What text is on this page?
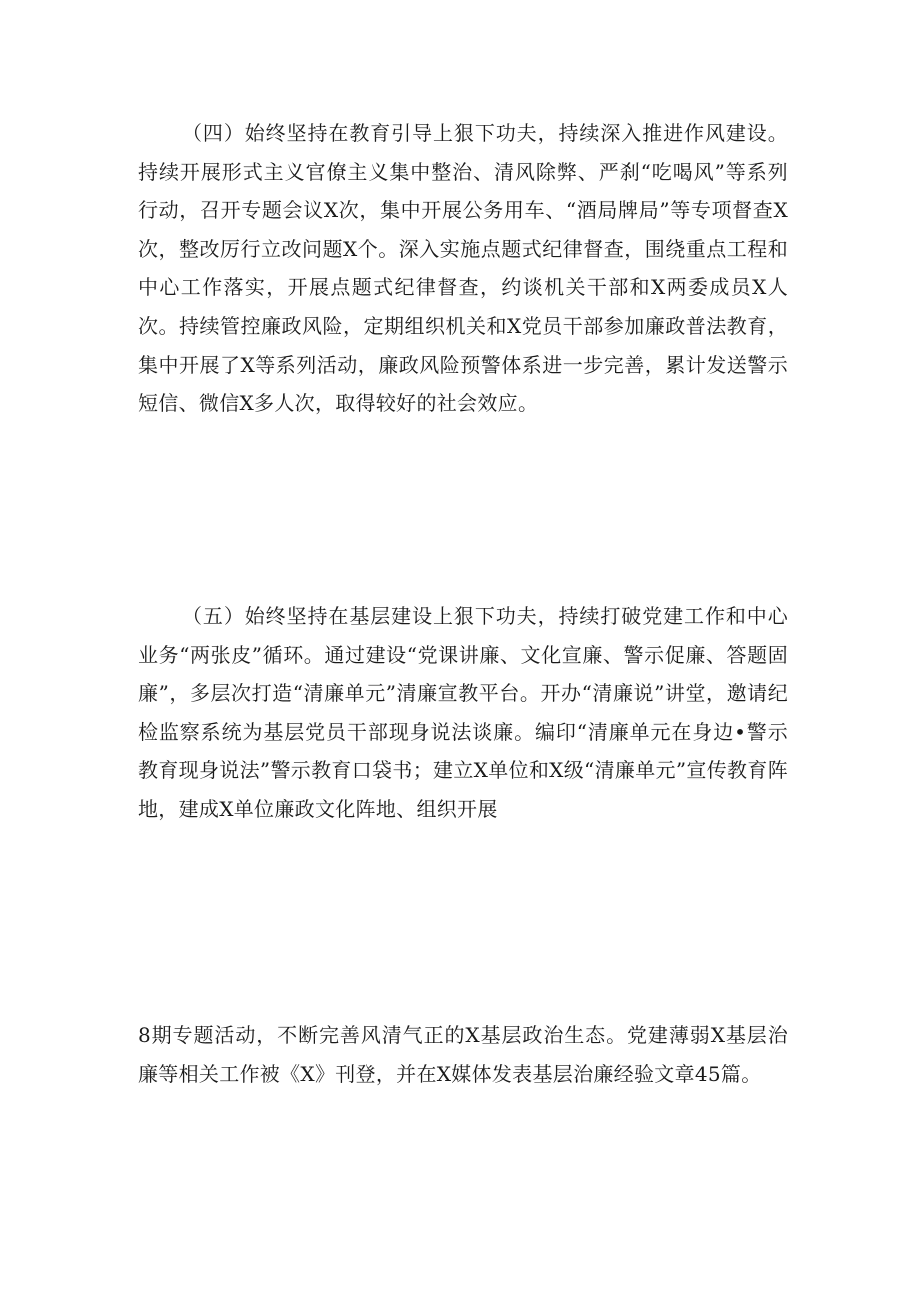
（四）始终坚持在教育引导上狠下功夫，持续深入推进作风建设。持续开展形式主义官僚主义集中整治、清风除弊、严刹“吃喝风”等系列行动，召开专题会议X次，集中开展公务用车、“酒局牌局”等专项督查X次，整改厉行立改问题X个。深入实施点题式纪律督查，围绕重点工程和中心工作落实，开展点题式纪律督查，约谈机关干部和X两委成员X人次。持续管控廉政风险，定期组织机关和X党员干部参加廉政普法教育，集中开展了X等系列活动，廉政风险预警体系进一步完善，累计发送警示短信、微信X多人次，取得较好的社会效应。

（五）始终坚持在基层建设上狠下功夫，持续打破党建工作和中心业务“两张皮”循环。通过建设“党课讲廉、文化宣廉、警示促廉、答题固廉”，多层次打造“清廉单元”清廉宣教平台。开办“清廉说”讲堂，邀请纪检监察系统为基层党员干部现身说法谈廉。编印“清廉单元在身边•警示教育现身说法”警示教育口袋书；建立X单位和X级“清廉单元”宣传教育阵地，建成X单位廉政文化阵地、组织开展

8期专题活动，不断完善风清气正的X基层政治生态。党建薄弱X基层治廉等相关工作被《X》刊登，并在X媒体发表基层治廉经验文章45篇。
